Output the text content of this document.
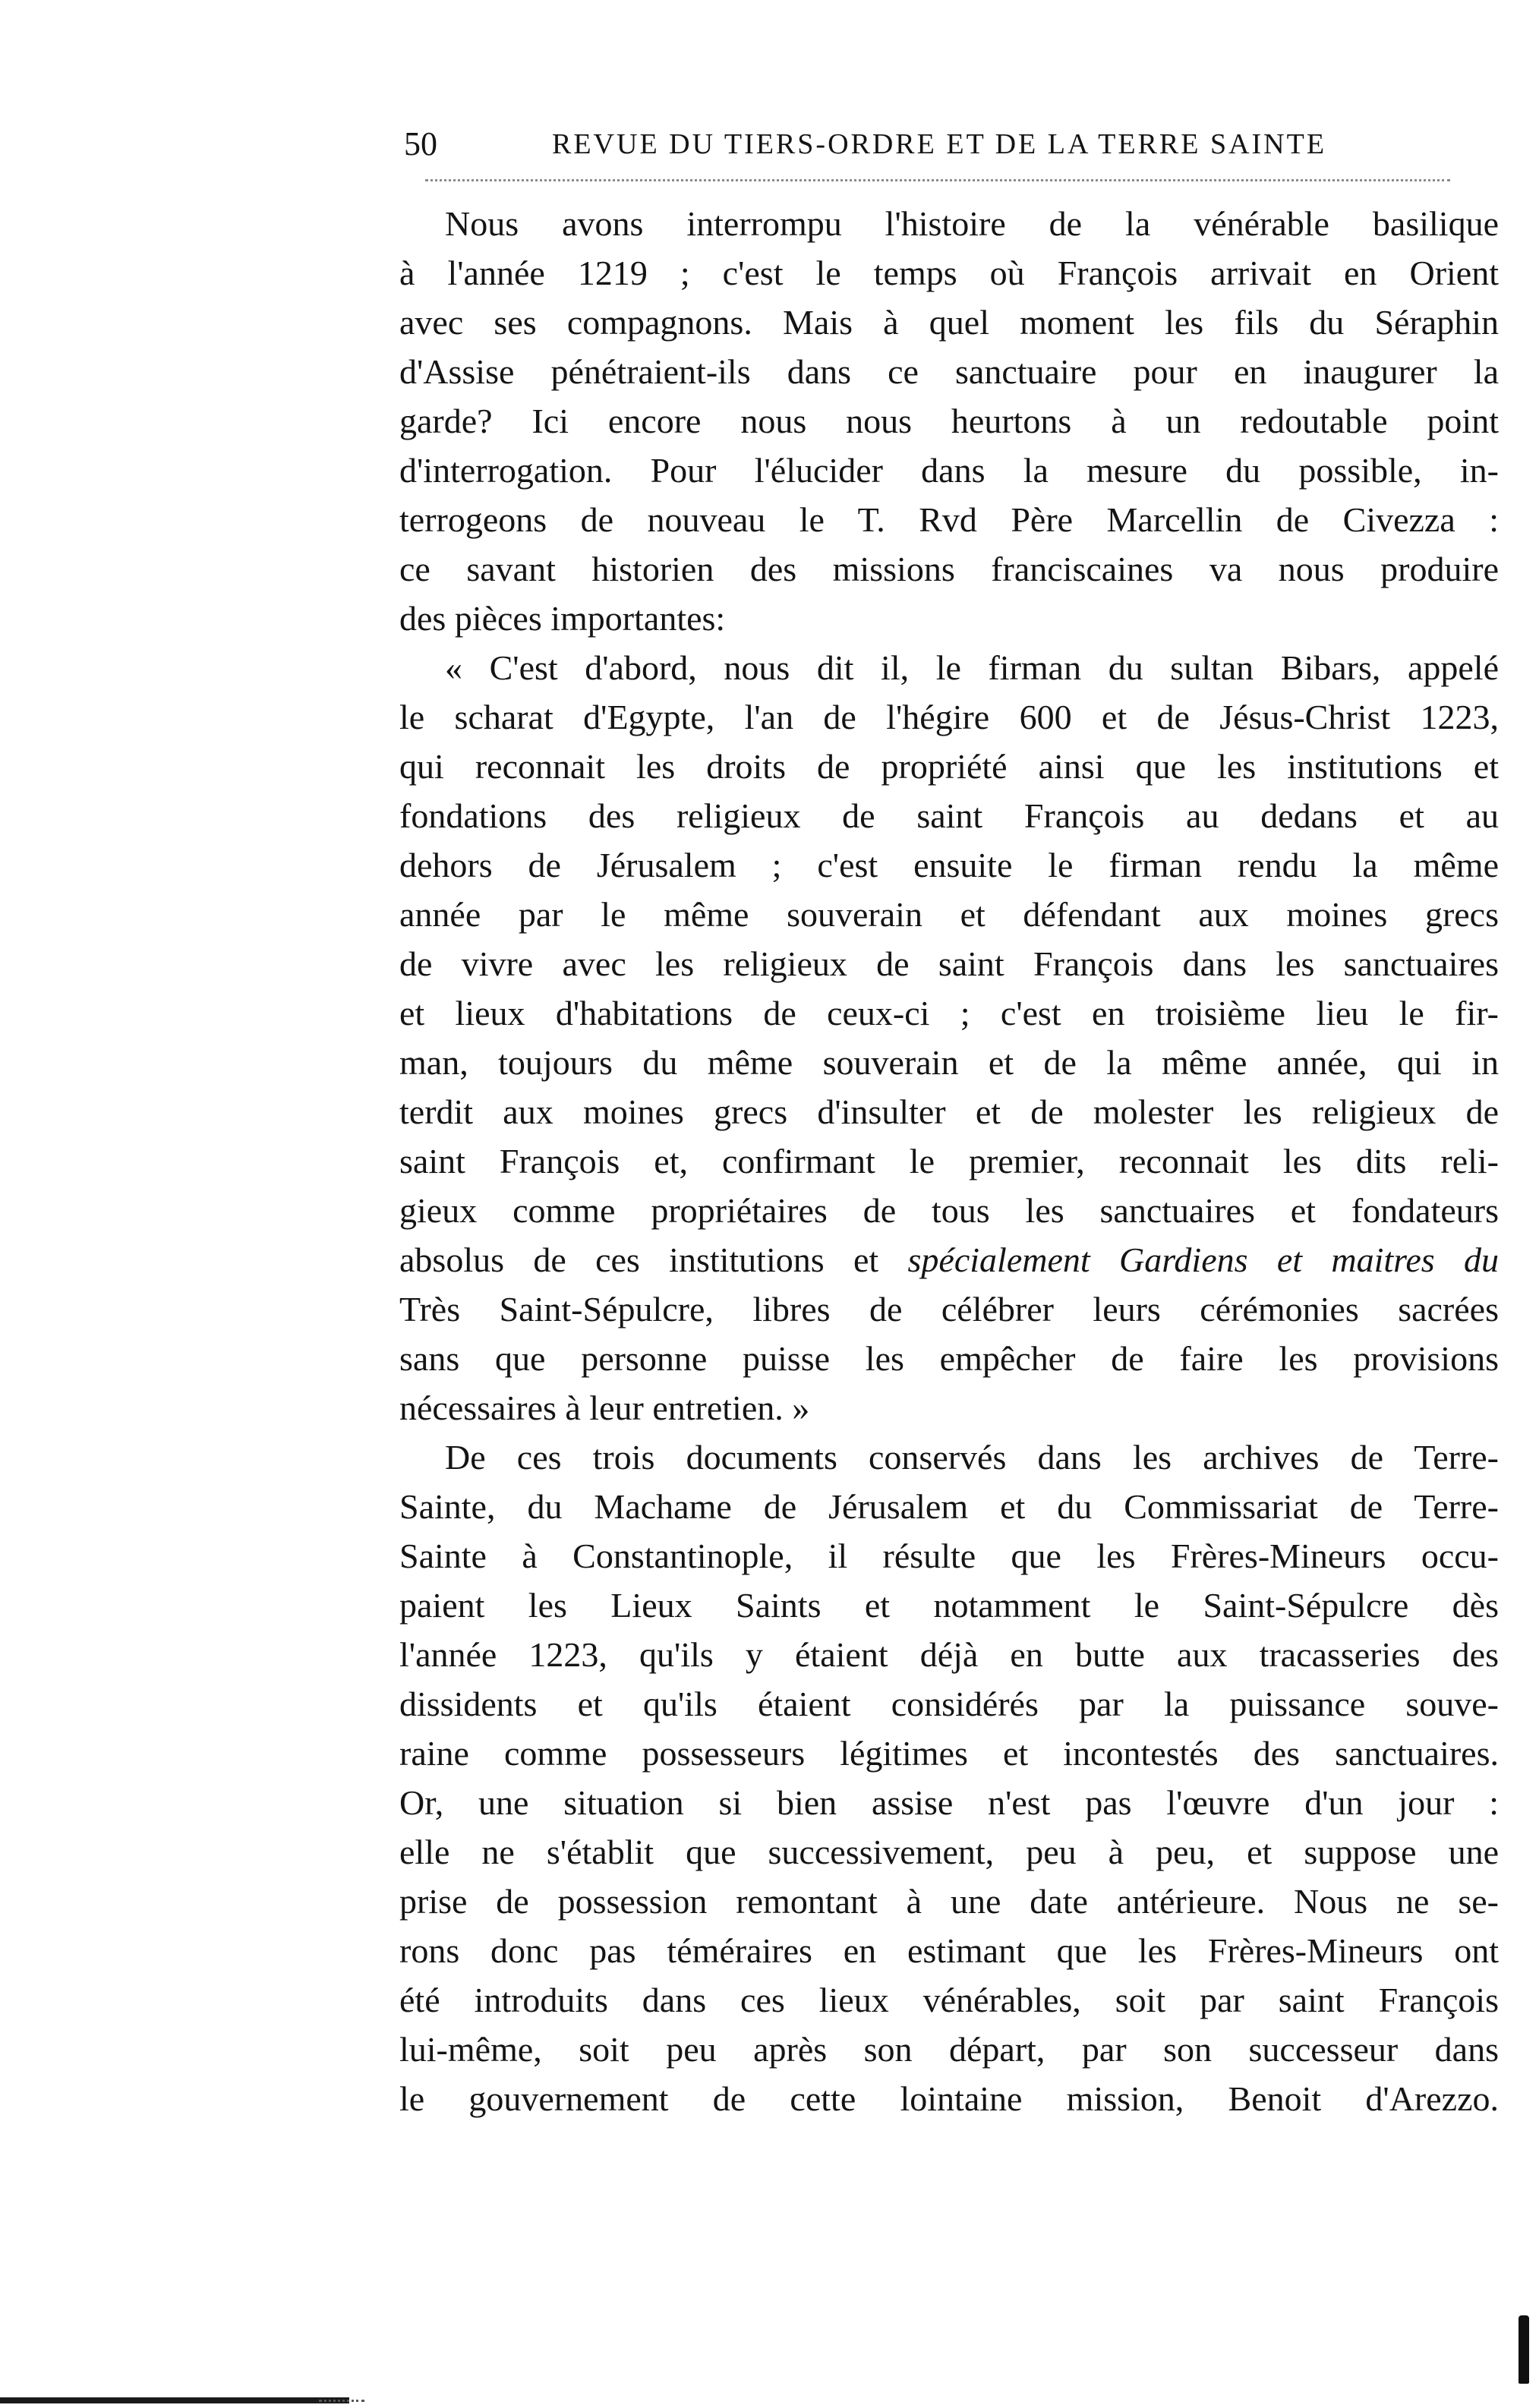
50	REVUE DU TIERS-ORDRE ET DE LA TERRE SAINTE
Nous avons interrompu l'histoire de la vénérable basilique
à l'année 1219 ; c'est le temps où François arrivait en Orient
avec ses compagnons. Mais à quel moment les fils du Séraphin
d'Assise pénétraient-ils dans ce sanctuaire pour en inaugurer la
garde? Ici encore nous nous heurtons à un redoutable point
d'interrogation. Pour l'élucider dans la mesure du possible, in-
terrogeons de nouveau le T. Rvd Père Marcellin de Civezza :
ce savant historien des missions franciscaines va nous produire
des pièces importantes:
« C'est d'abord, nous dit il, le firman du sultan Bibars, appelé
le scharat d'Egypte, l'an de l'hégire 600 et de Jésus-Christ 1223,
qui reconnait les droits de propriété ainsi que les institutions et
fondations des religieux de saint François au dedans et au
dehors de Jérusalem ; c'est ensuite le firman rendu la même
année par le même souverain et défendant aux moines grecs
de vivre avec les religieux de saint François dans les sanctuaires
et lieux d'habitations de ceux-ci ; c'est en troisième lieu le fir-
man, toujours du même souverain et de la même année, qui in
terdit aux moines grecs d'insulter et de molester les religieux de
saint François et, confirmant le premier, reconnait les dits reli-
gieux comme propriétaires de tous les sanctuaires et fondateurs
absolus de ces institutions et spécialement Gardiens et maitres du
Très Saint-Sépulcre, libres de célébrer leurs cérémonies sacrées
sans que personne puisse les empêcher de faire les provisions
nécessaires à leur entretien. »
De ces trois documents conservés dans les archives de Terre-
Sainte, du Machame de Jérusalem et du Commissariat de Terre-
Sainte à Constantinople, il résulte que les Frères-Mineurs occu-
paient les Lieux Saints et notamment le Saint-Sépulcre dès
l'année 1223, qu'ils y étaient déjà en butte aux tracasseries des
dissidents et qu'ils étaient considérés par la puissance souve-
raine comme possesseurs légitimes et incontestés des sanctuaires.
Or, une situation si bien assise n'est pas l'œuvre d'un jour :
elle ne s'établit que successivement, peu à peu, et suppose une
prise de possession remontant à une date antérieure. Nous ne se-
rons donc pas téméraires en estimant que les Frères-Mineurs ont
été introduits dans ces lieux vénérables, soit par saint François
lui-même, soit peu après son départ, par son successeur dans
le gouvernement de cette lointaine mission, Benoit d'Arezzo.
